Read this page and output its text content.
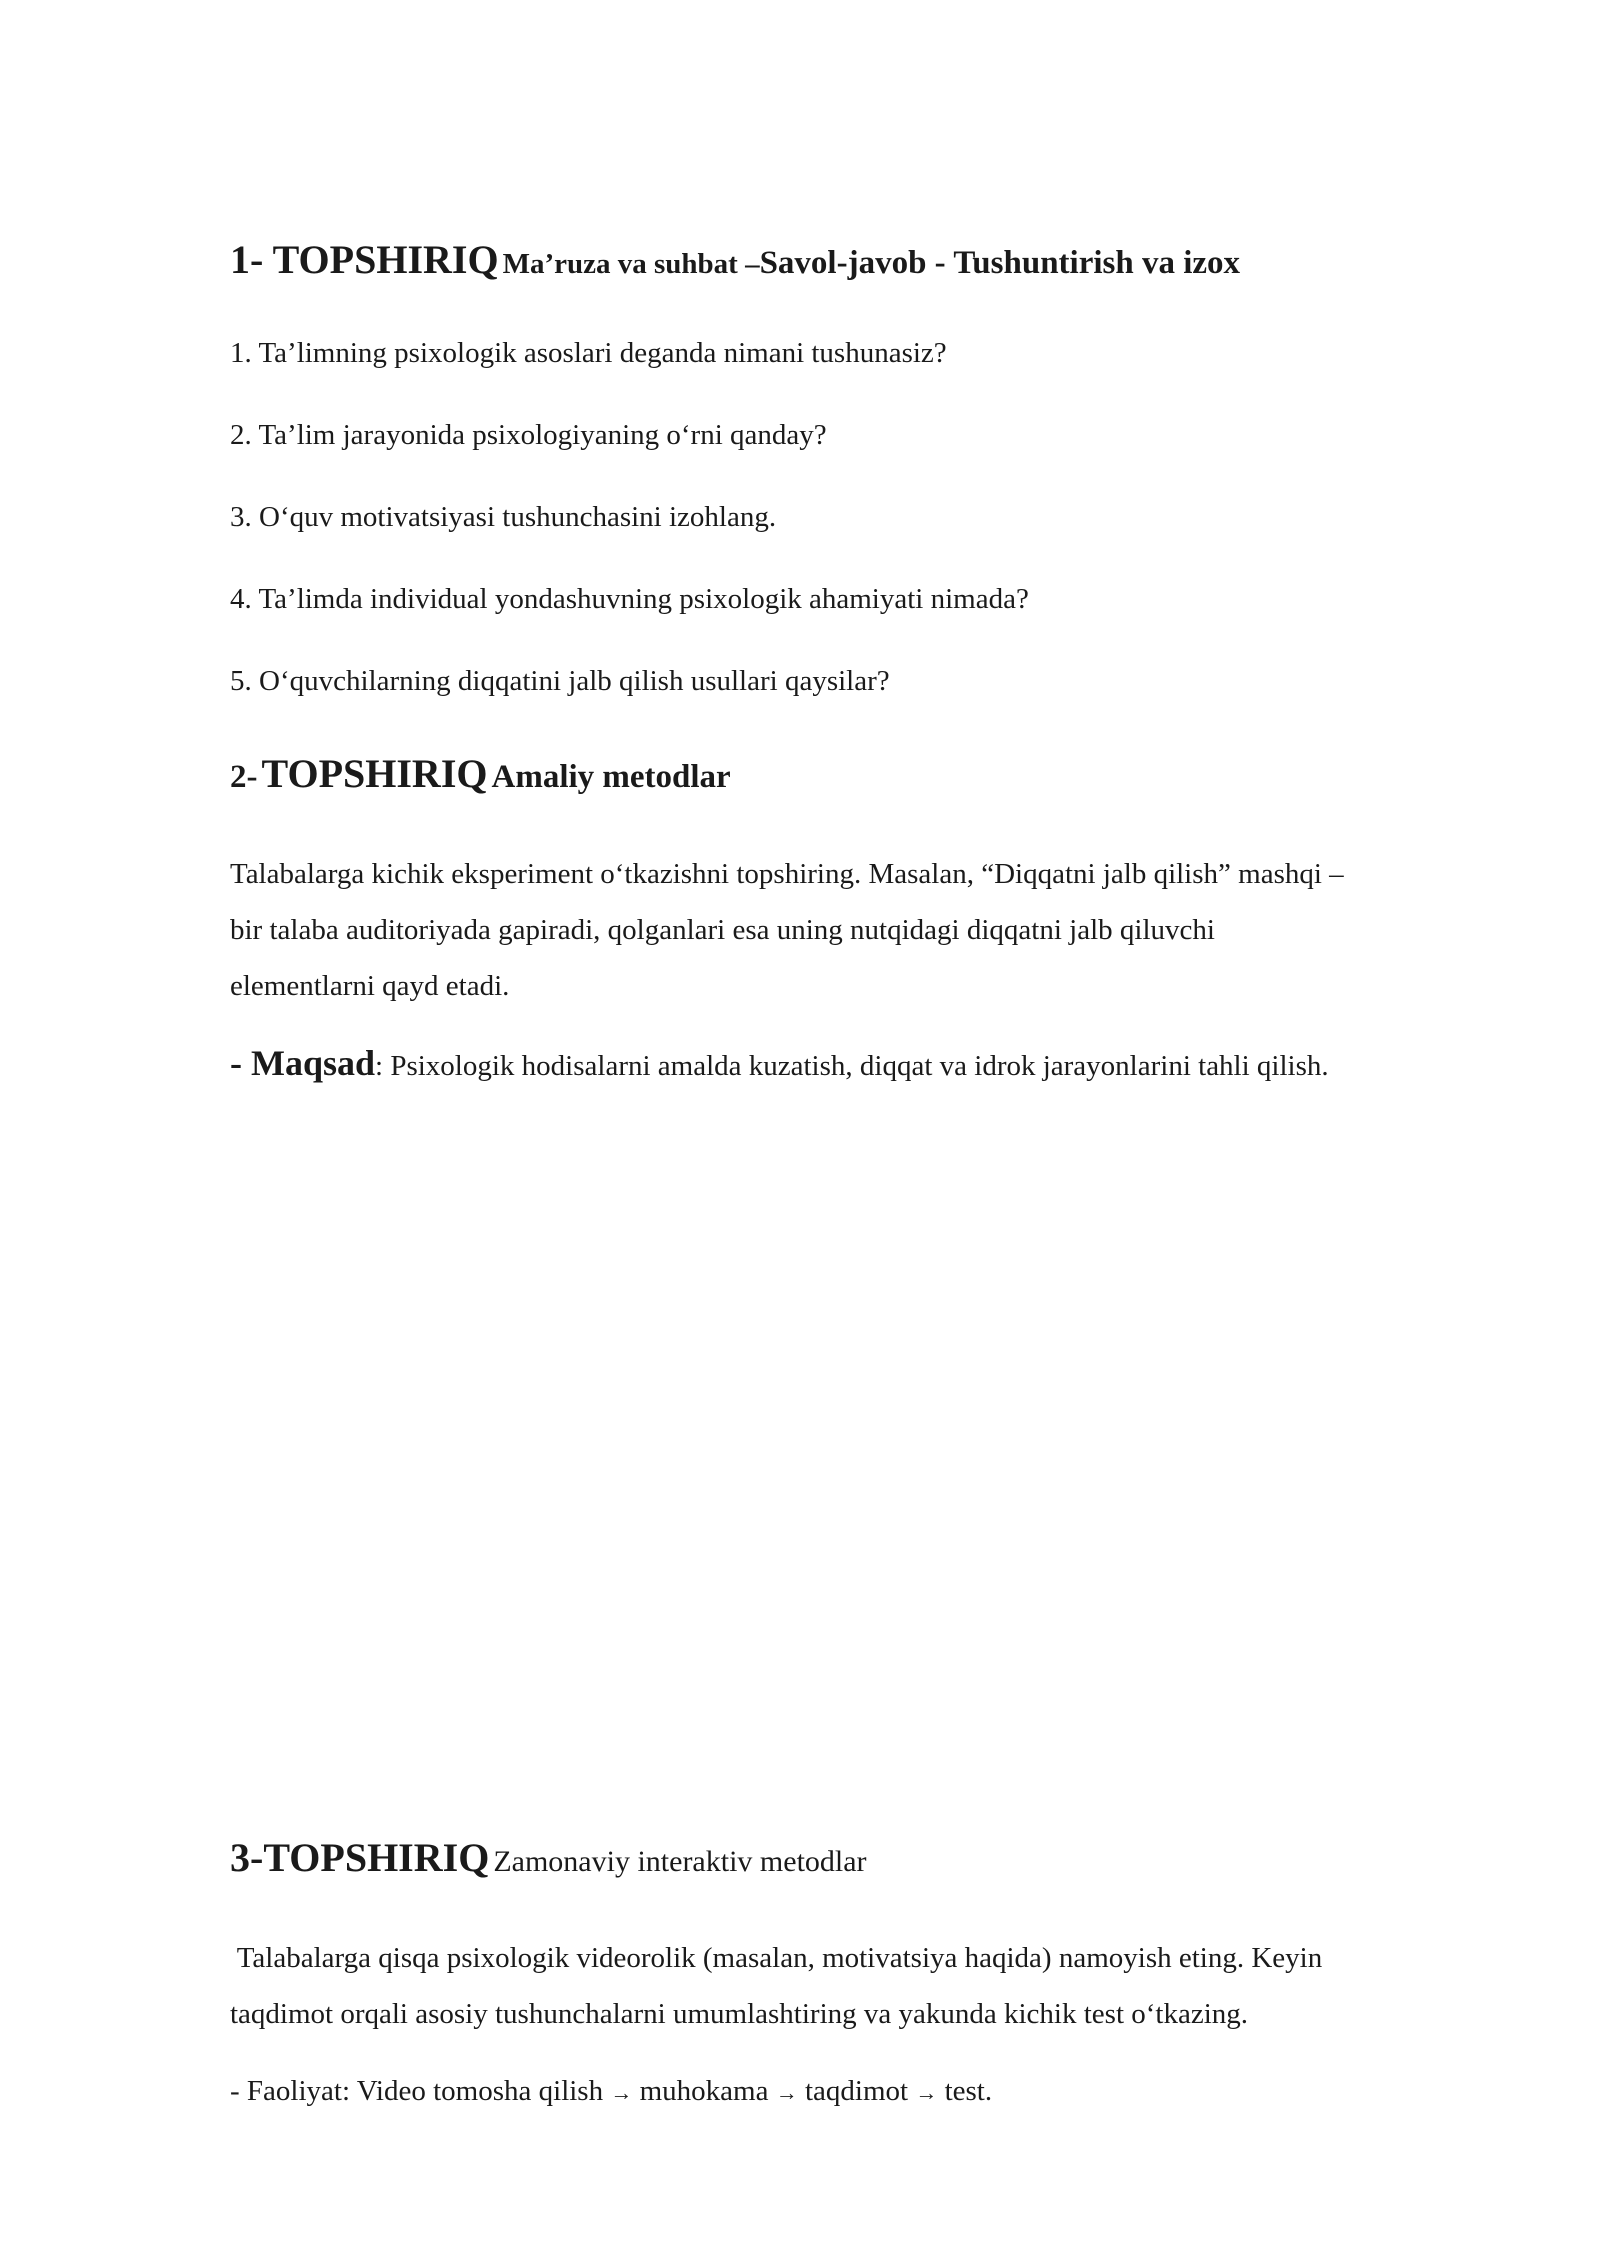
1- TOPSHIRIQ Ma’ruza va suhbat –Savol-javob - Tushuntirish va izox
1. Ta’limning psixologik asoslari deganda nimani tushunasiz?
2. Ta’lim jarayonida psixologiyaning o‘rni qanday?
3. O‘quv motivatsiyasi tushunchasini izohlang.
4. Ta’limda individual yondashuvning psixologik ahamiyati nimada?
5. O‘quvchilarning diqqatini jalb qilish usullari qaysilar?
2- TOPSHIRIQ Amaliy metodlar
Talabalarga kichik eksperiment o‘tkazishni topshiring. Masalan, “Diqqatni jalb qilish” mashqi –
bir talaba auditoriyada gapiradi, qolganlari esa uning nutqidagi diqqatni jalb qiluvchi
elementlarni qayd etadi.
- Maqsad: Psixologik hodisalarni amalda kuzatish, diqqat va idrok jarayonlarini tahli qilish.
3-TOPSHIRIQ Zamonaviy interaktiv metodlar
Talabalarga qisqa psixologik videorolik (masalan, motivatsiya haqida) namoyish eting. Keyin
taqdimot orqali asosiy tushunchalarni umumlashtiring va yakunda kichik test o‘tkazing.
- Faoliyat: Video tomosha qilish → muhokama → taqdimot → test.
